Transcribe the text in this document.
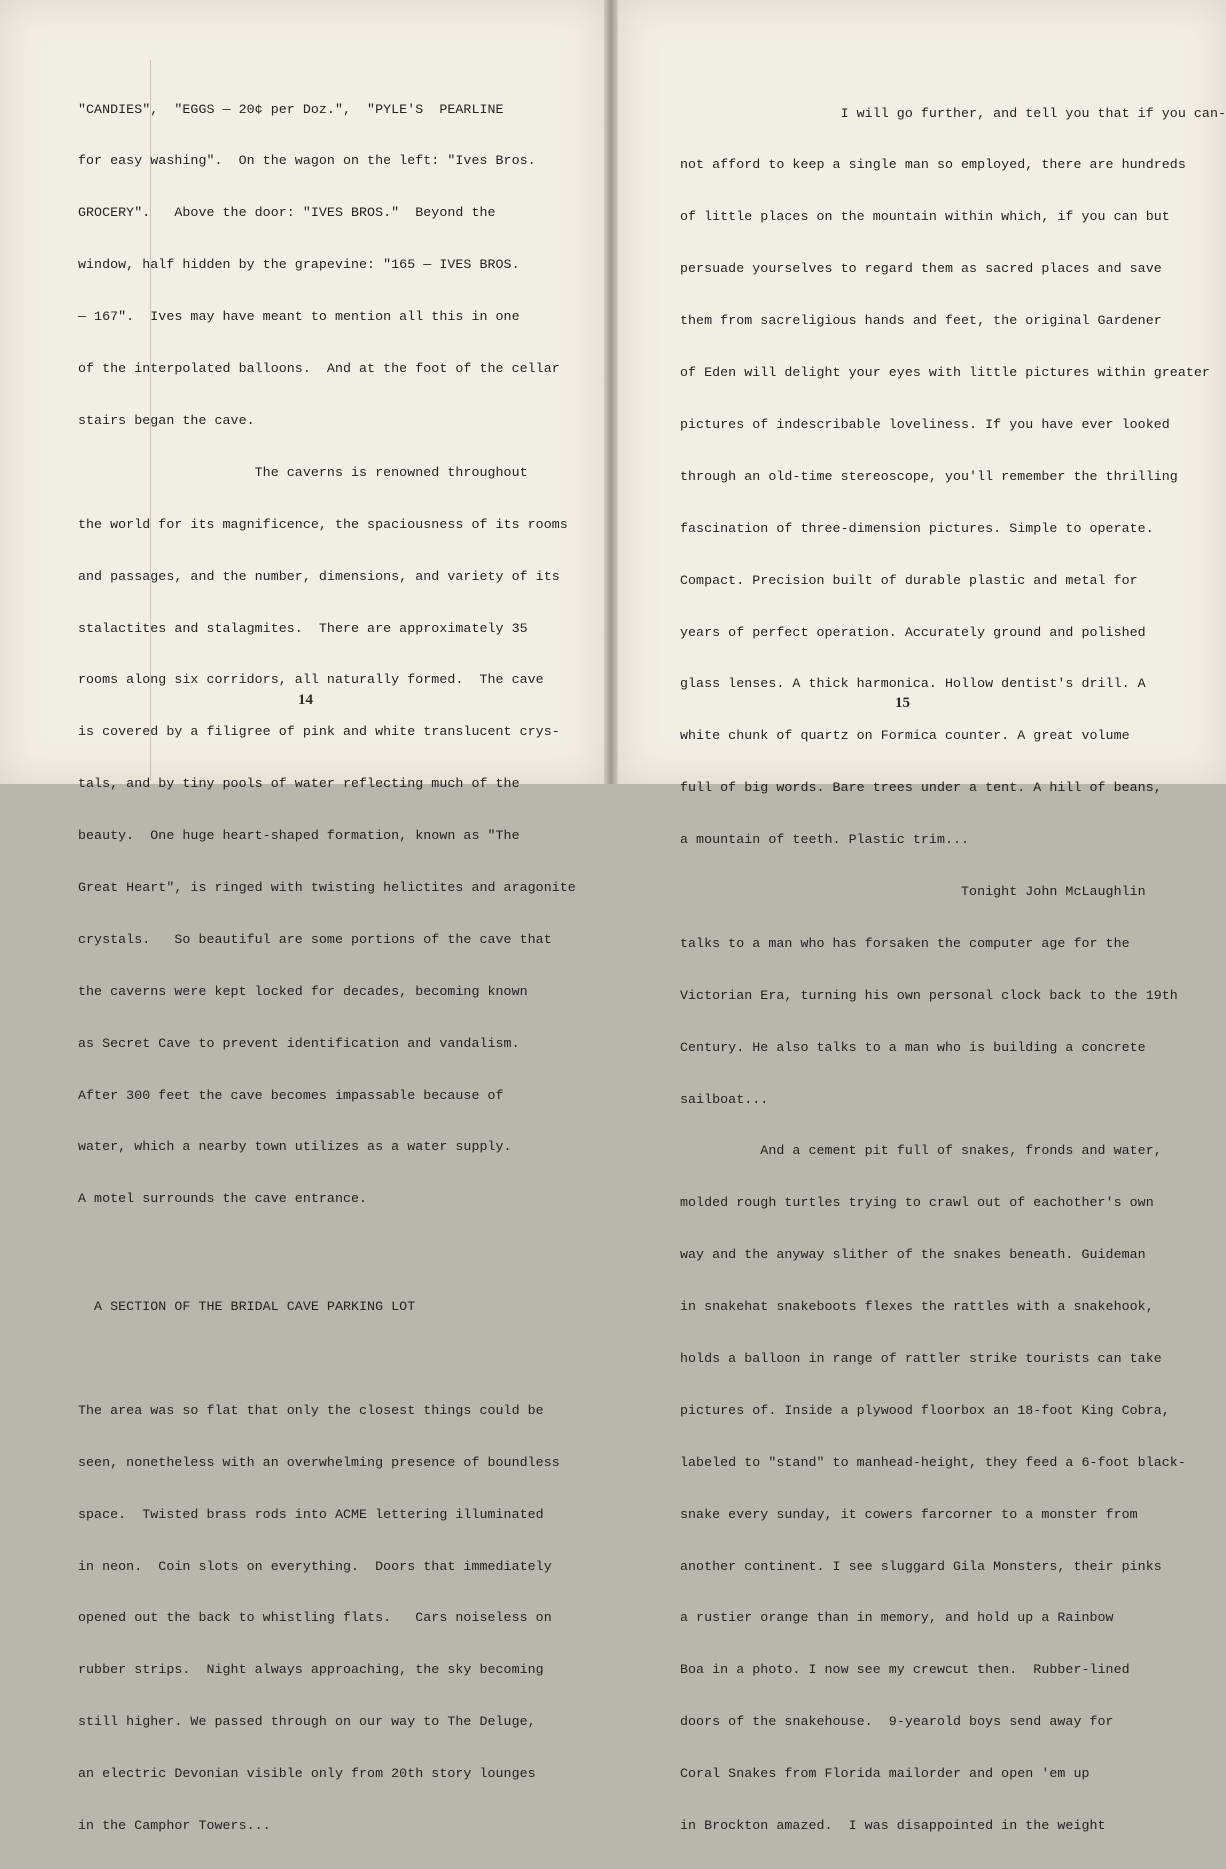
"CANDIES",  "EGGS — 20¢ per Doz.",  "PYLE'S  PEARLINE

for easy washing".  On the wagon on the left: "Ives Bros.

GROCERY".   Above the door: "IVES BROS."  Beyond the

window, half hidden by the grapevine: "165 — IVES BROS.

— 167".  Ives may have meant to mention all this in one

of the interpolated balloons.  And at the foot of the cellar

stairs began the cave.

The caverns is renowned throughout

the world for its magnificence, the spaciousness of its rooms

and passages, and the number, dimensions, and variety of its

stalactites and stalagmites.  There are approximately 35

rooms along six corridors, all naturally formed.  The cave

is covered by a filigree of pink and white translucent crys-

tals, and by tiny pools of water reflecting much of the

beauty.  One huge heart-shaped formation, known as "The

Great Heart", is ringed with twisting helictites and aragonite

crystals.   So beautiful are some portions of the cave that

the caverns were kept locked for decades, becoming known

as Secret Cave to prevent identification and vandalism.

After 300 feet the cave becomes impassable because of

water, which a nearby town utilizes as a water supply.

A motel surrounds the cave entrance.

A SECTION OF THE BRIDAL CAVE PARKING LOT

The area was so flat that only the closest things could be

seen, nonetheless with an overwhelming presence of boundless

space.  Twisted brass rods into ACME lettering illuminated

in neon.  Coin slots on everything.  Doors that immediately

opened out the back to whistling flats.   Cars noiseless on

rubber strips.  Night always approaching, the sky becoming

still higher. We passed through on our way to The Deluge,

an electric Devonian visible only from 20th story lounges

in the Camphor Towers...

I will go further, and tell you that if you can-

not afford to keep a single man so employed, there are hundreds

of little places on the mountain within which, if you can but

persuade yourselves to regard them as sacred places and save

them from sacreligious hands and feet, the original Gardener

of Eden will delight your eyes with little pictures within greater

pictures of indescribable loveliness. If you have ever looked

through an old-time stereoscope, you'll remember the thrilling

fascination of three-dimension pictures. Simple to operate.

Compact. Precision built of durable plastic and metal for

years of perfect operation. Accurately ground and polished

glass lenses. A thick harmonica. Hollow dentist's drill. A

white chunk of quartz on Formica counter. A great volume

full of big words. Bare trees under a tent. A hill of beans,

a mountain of teeth. Plastic trim...

Tonight John McLaughlin

talks to a man who has forsaken the computer age for the

Victorian Era, turning his own personal clock back to the 19th

Century. He also talks to a man who is building a concrete

sailboat...

And a cement pit full of snakes, fronds and water,

molded rough turtles trying to crawl out of eachother's own

way and the anyway slither of the snakes beneath. Guideman

in snakehat snakeboots flexes the rattles with a snakehook,

holds a balloon in range of rattler strike tourists can take

pictures of. Inside a plywood floorbox an 18-foot King Cobra,

labeled to "stand" to manhead-height, they feed a 6-foot black-

snake every sunday, it cowers farcorner to a monster from

another continent. I see sluggard Gila Monsters, their pinks

a rustier orange than in memory, and hold up a Rainbow

Boa in a photo. I now see my crewcut then.  Rubber-lined

doors of the snakehouse.  9-yearold boys send away for

Coral Snakes from Florida mailorder and open 'em up

in Brockton amazed.  I was disappointed in the weight

14	15
